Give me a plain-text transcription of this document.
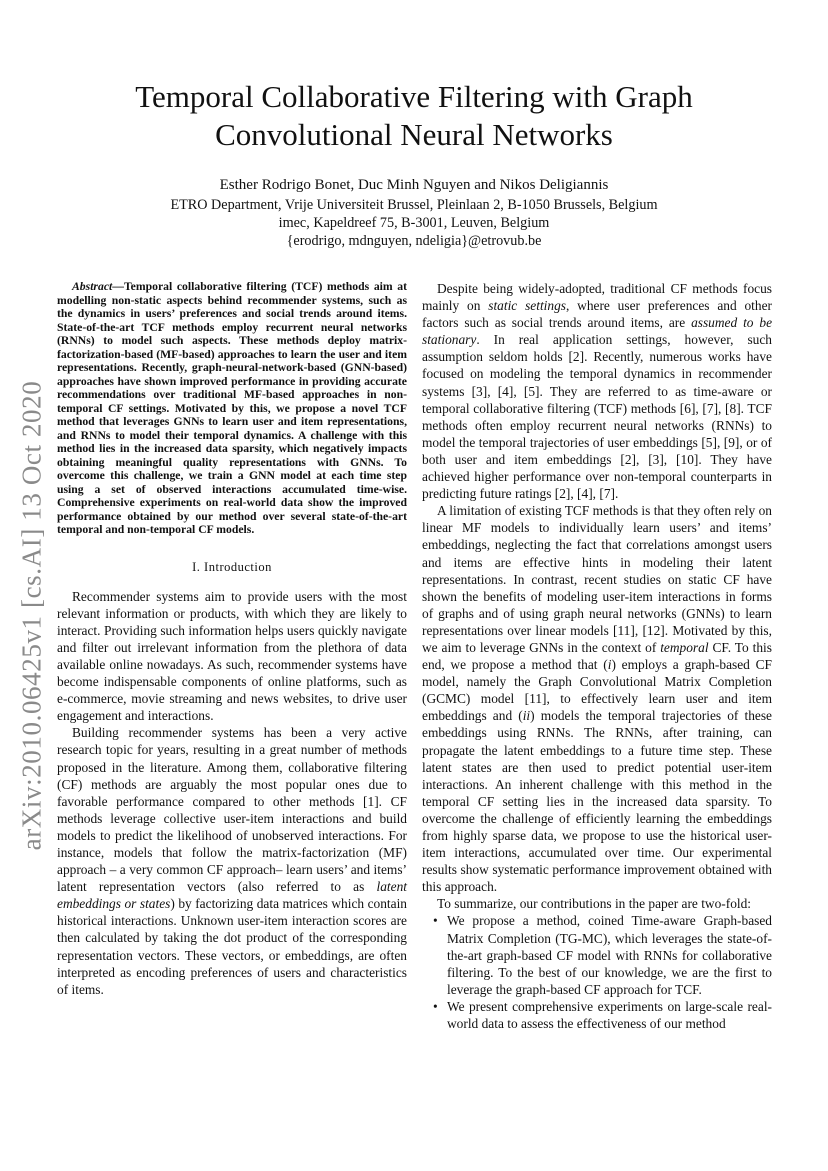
arXiv:2010.06425v1 [cs.AI] 13 Oct 2020
Temporal Collaborative Filtering with Graph
Convolutional Neural Networks
Esther Rodrigo Bonet, Duc Minh Nguyen and Nikos Deligiannis
ETRO Department, Vrije Universiteit Brussel, Pleinlaan 2, B-1050 Brussels, Belgium
imec, Kapeldreef 75, B-3001, Leuven, Belgium
{erodrigo, mdnguyen, ndeligia}@etrovub.be
Abstract—Temporal collaborative filtering (TCF) methods aim at modelling non-static aspects behind recommender systems, such as the dynamics in users’ preferences and social trends around items. State-of-the-art TCF methods employ recurrent neural networks (RNNs) to model such aspects. These methods deploy matrix-factorization-based (MF-based) approaches to learn the user and item representations. Recently, graph-neural-network-based (GNN-based) approaches have shown improved performance in providing accurate recommendations over traditional MF-based approaches in non-temporal CF settings. Motivated by this, we propose a novel TCF method that leverages GNNs to learn user and item representations, and RNNs to model their temporal dynamics. A challenge with this method lies in the increased data sparsity, which negatively impacts obtaining meaningful quality representations with GNNs. To overcome this challenge, we train a GNN model at each time step using a set of observed interactions accumulated time-wise. Comprehensive experiments on real-world data show the improved performance obtained by our method over several state-of-the-art temporal and non-temporal CF models.
I. Introduction

Recommender systems aim to provide users with the most relevant information or products, with which they are likely to interact. Providing such information helps users quickly navigate and filter out irrelevant information from the plethora of data available online nowadays. As such, recommender systems have become indispensable components of online platforms, such as e-commerce, movie streaming and news websites, to drive user engagement and interactions.

Building recommender systems has been a very active research topic for years, resulting in a great number of methods proposed in the literature. Among them, collaborative filtering (CF) methods are arguably the most popular ones due to favorable performance compared to other methods [1]. CF methods leverage collective user-item interactions and build models to predict the likelihood of unobserved interactions. For instance, models that follow the matrix-factorization (MF) approach – a very common CF approach– learn users’ and items’ latent representation vectors (also referred to as latent embeddings or states) by factorizing data matrices which contain historical interactions. Unknown user-item interaction scores are then calculated by taking the dot product of the corresponding representation vectors. These vectors, or embeddings, are often interpreted as encoding preferences of users and characteristics of items.

Despite being widely-adopted, traditional CF methods focus mainly on static settings, where user preferences and other factors such as social trends around items, are assumed to be stationary. In real application settings, however, such assumption seldom holds [2]. Recently, numerous works have focused on modeling the temporal dynamics in recommender systems [3], [4], [5]. They are referred to as time-aware or temporal collaborative filtering (TCF) methods [6], [7], [8]. TCF methods often employ recurrent neural networks (RNNs) to model the temporal trajectories of user embeddings [5], [9], or of both user and item embeddings [2], [3], [10]. They have achieved higher performance over non-temporal counterparts in predicting future ratings [2], [4], [7].

A limitation of existing TCF methods is that they often rely on linear MF models to individually learn users’ and items’ embeddings, neglecting the fact that correlations amongst users and items are effective hints in modeling their latent representations. In contrast, recent studies on static CF have shown the benefits of modeling user-item interactions in forms of graphs and of using graph neural networks (GNNs) to learn representations over linear models [11], [12]. Motivated by this, we aim to leverage GNNs in the context of temporal CF. To this end, we propose a method that (i) employs a graph-based CF model, namely the Graph Convolutional Matrix Completion (GCMC) model [11], to effectively learn user and item embeddings and (ii) models the temporal trajectories of these embeddings using RNNs. The RNNs, after training, can propagate the latent embeddings to a future time step. These latent states are then used to predict potential user-item interactions. An inherent challenge with this method in the temporal CF setting lies in the increased data sparsity. To overcome the challenge of efficiently learning the embeddings from highly sparse data, we propose to use the historical user-item interactions, accumulated over time. Our experimental results show systematic performance improvement obtained with this approach.

To summarize, our contributions in the paper are two-fold:

• We propose a method, coined Time-aware Graph-based Matrix Completion (TG-MC), which leverages the state-of-the-art graph-based CF model with RNNs for collaborative filtering. To the best of our knowledge, we are the first to leverage the graph-based CF approach for TCF.
• We present comprehensive experiments on large-scale real-world data to assess the effectiveness of our method
